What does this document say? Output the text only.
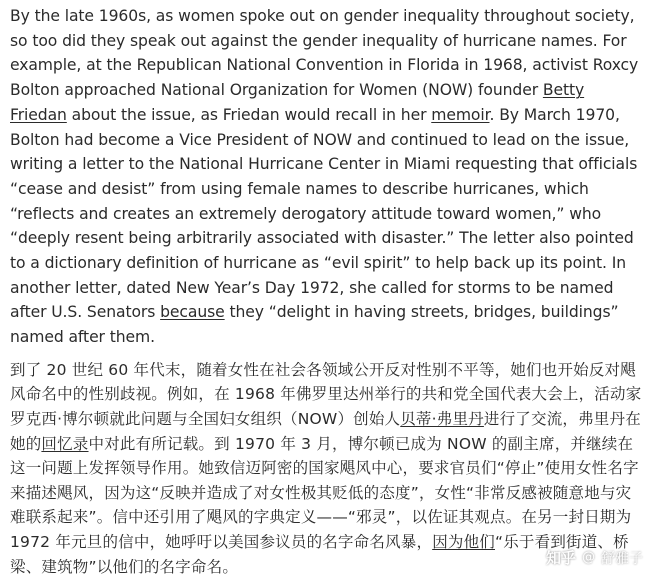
By the late 1960s, as women spoke out on gender inequality throughout society, so too did they speak out against the gender inequality of hurricane names. For example, at the Republican National Convention in Florida in 1968, activist Roxcy Bolton approached National Organization for Women (NOW) founder Betty Friedan about the issue, as Friedan would recall in her memoir. By March 1970, Bolton had become a Vice President of NOW and continued to lead on the issue, writing a letter to the National Hurricane Center in Miami requesting that officials “cease and desist” from using female names to describe hurricanes, which “reflects and creates an extremely derogatory attitude toward women,” who “deeply resent being arbitrarily associated with disaster.” The letter also pointed to a dictionary definition of hurricane as “evil spirit” to help back up its point. In another letter, dated New Year’s Day 1972, she called for storms to be named after U.S. Senators because they “delight in having streets, bridges, buildings” named after them.

到了 20 世纪 60 年代末，随着女性在社会各领域公开反对性别不平等，她们也开始反对飓风命名中的性别歧视。例如，在 1968 年佛罗里达州举行的共和党全国代表大会上，活动家罗克西·博尔顿就此问题与全国妇女组织（NOW）创始人贝蒂·弗里丹进行了交流，弗里丹在她的回忆录中对此有所记载。到 1970 年 3 月，博尔顿已成为 NOW 的副主席，并继续在这一问题上发挥领导作用。她致信迈阿密的国家飓风中心，要求官员们“停止”使用女性名字来描述飓风，因为这“反映并造成了对女性极其贬低的态度”，女性“非常反感被随意地与灾难联系起来”。信中还引用了飓风的字典定义——“邪灵”，以佐证其观点。在另一封日期为 1972 年元旦的信中，她呼吁以美国参议员的名字命名风暴，因为他们“乐于看到街道、桥梁、建筑物”以他们的名字命名。	知乎 @ 舒雅子
